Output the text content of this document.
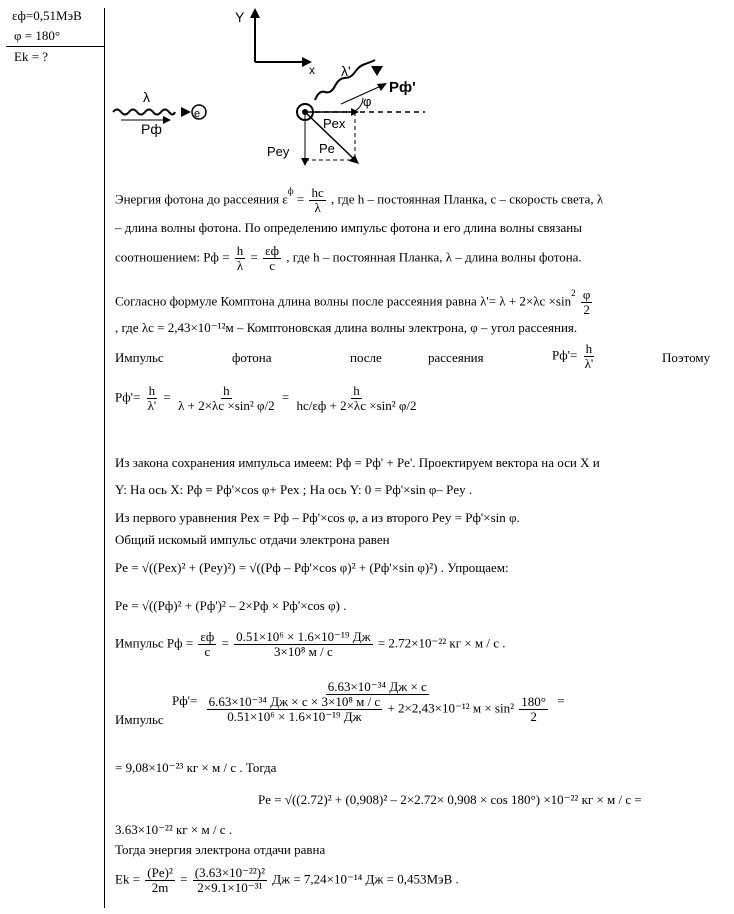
εф=0,51МэВ
φ = 180°
Ek = ?
Y
x
λ
Pф
e
λ'
Pф'
φ
Pex
Pey Pe
Энергия фотона до рассеяния $\varepsilon^ф = \frac{hc}{\lambda}$ , где h – постоянная Планка, с – скорость света, λ
– длина волны фотона. По определению импульс фотона и его длина волны связаны
соотношением: Pф = $\frac{h}{\lambda} = \frac{\varepsilon ф}{c}$ , где h – постоянная Планка, λ – длина волны фотона.
Согласно формуле Комптона длина волны после рассеяния равна $\lambda'= \lambda + 2\times\lambda с \times\sin^2 \frac{\varphi}{2}$
, где λс = 2,43×10⁻¹²м – Комптоновская длина волны электрона, φ – угол рассеяния.
Импульс	фотона	после	рассеяния	$Pф'= \frac{h}{\lambda'}$	Поэтому
$Pф'= \frac{h}{\lambda'} = \frac{h}{\text{λ + 2×λс ×sin² φ/2}} = \frac{h}{\text{hc/εф + 2×λс ×sin² φ/2}}$
Из закона сохранения импульса имеем: Pф = Pф' + Pe'. Проектируем вектора на оси X и
Y: На ось X: Pф = Pф'×cos φ+ Pex ; На ось Y: 0 = Pф'×sin φ– Pey .
Из первого уравнения Pex = Pф – Pф'×cos φ, а из второго Pey = Pф'×sin φ.
Общий искомый импульс отдачи электрона равен
Pe = √((Pex)² + (Pey)²) = √((Pф – Pф'×cos φ)² + (Pф'×sin φ)²) . Упрощаем:
Pe = √((Pф)² + (Pф')² – 2×Pф × Pф'×cos φ) .
Импульс Pф = $\frac{\varepsilon ф}{c} = \frac{\text{0.51×10⁶ × 1.6×10⁻¹⁹ Дж}}{\text{3×10⁸ м / с}} = 2.72\times 10^{-22}$ кг × м / с .
Импульс
Pф'=
6.63×10⁻³⁴ Дж × с
$\frac{\text{6.63×10⁻³⁴ Дж × с × 3×10⁸ м / с}}{\text{0.51×10⁶ × 1.6×10⁻¹⁹ Дж}} + 2\times 2,43\times 10^{-12}$ $м \times \sin^2 \frac{180^\circ}{2}$ =
= 9,08×10⁻²³ кг × м / с . Тогда
Pe = √((2.72)² + (0,908)² – 2×2.72× 0,908 × cos 180°) ×10⁻²² кг × м / с =
3.63×10⁻²² кг × м / с .
Тогда энергия электрона отдачи равна
$Ek = \frac{\text{(Pe)²}}{2m} = \frac{\text{(3.63×10⁻²²)²}}{\text{2×9.1×10⁻³¹}}$ Дж = 7,24×10⁻¹⁴ Дж = 0,453МэВ .
